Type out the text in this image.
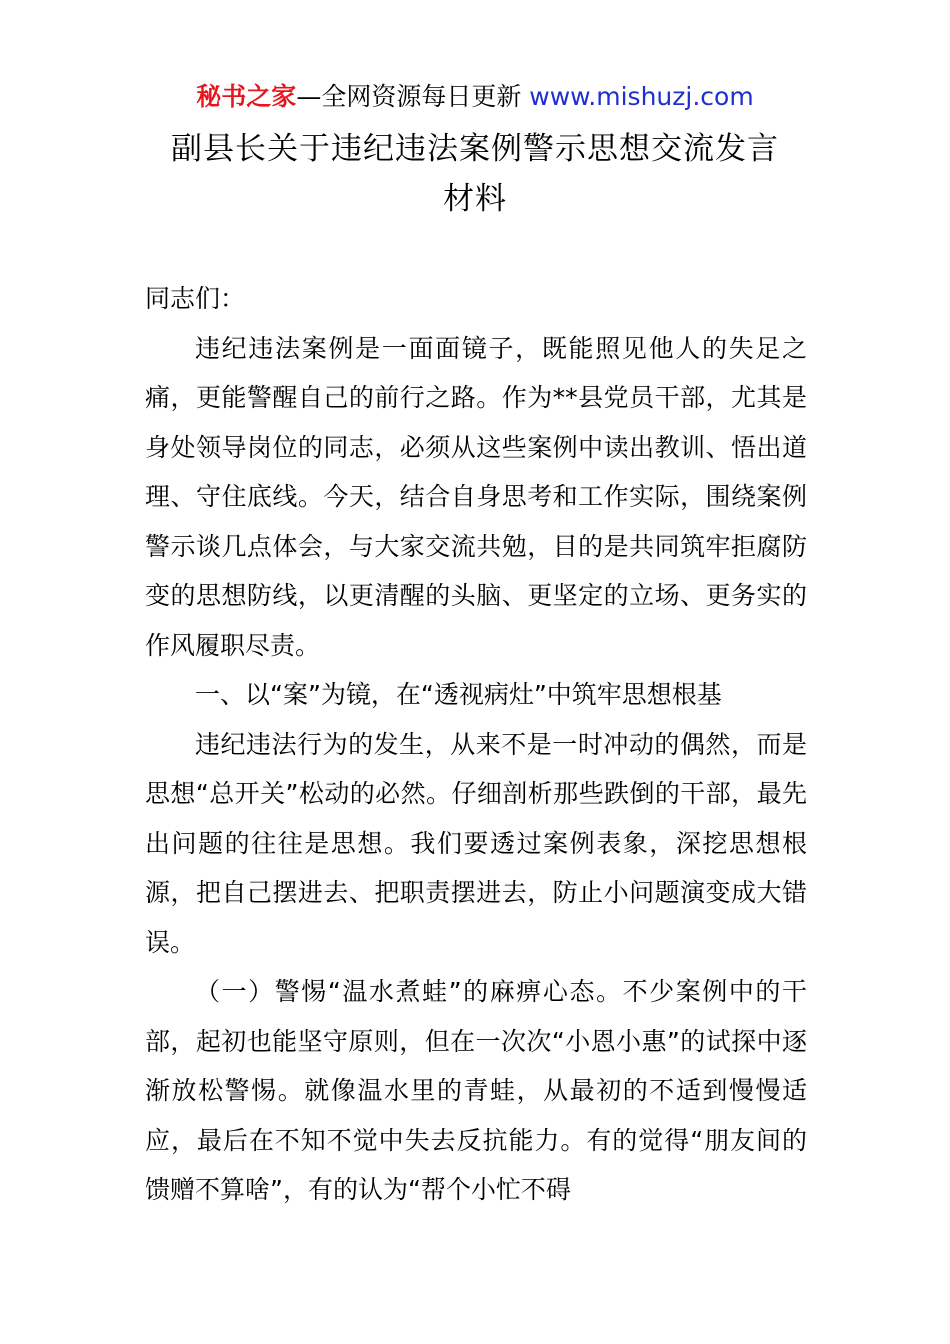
秘书之家—全网资源每日更新 www.mishuzj.com
副县长关于违纪违法案例警示思想交流发言
材料

同志们：

违纪违法案例是一面面镜子，既能照见他人的失足之痛，更能警醒自己的前行之路。作为**县党员干部，尤其是身处领导岗位的同志，必须从这些案例中读出教训、悟出道理、守住底线。今天，结合自身思考和工作实际，围绕案例警示谈几点体会，与大家交流共勉，目的是共同筑牢拒腐防变的思想防线，以更清醒的头脑、更坚定的立场、更务实的作风履职尽责。

一、以“案”为镜，在“透视病灶”中筑牢思想根基

违纪违法行为的发生，从来不是一时冲动的偶然，而是思想“总开关”松动的必然。仔细剖析那些跌倒的干部，最先出问题的往往是思想。我们要透过案例表象，深挖思想根源，把自己摆进去、把职责摆进去，防止小问题演变成大错误。

（一）警惕“温水煮蛙”的麻痹心态。不少案例中的干部，起初也能坚守原则，但在一次次“小恩小惠”的试探中逐渐放松警惕。就像温水里的青蛙，从最初的不适到慢慢适应，最后在不知不觉中失去反抗能力。有的觉得“朋友间的馈赠不算啥”，有的认为“帮个小忙不碍
